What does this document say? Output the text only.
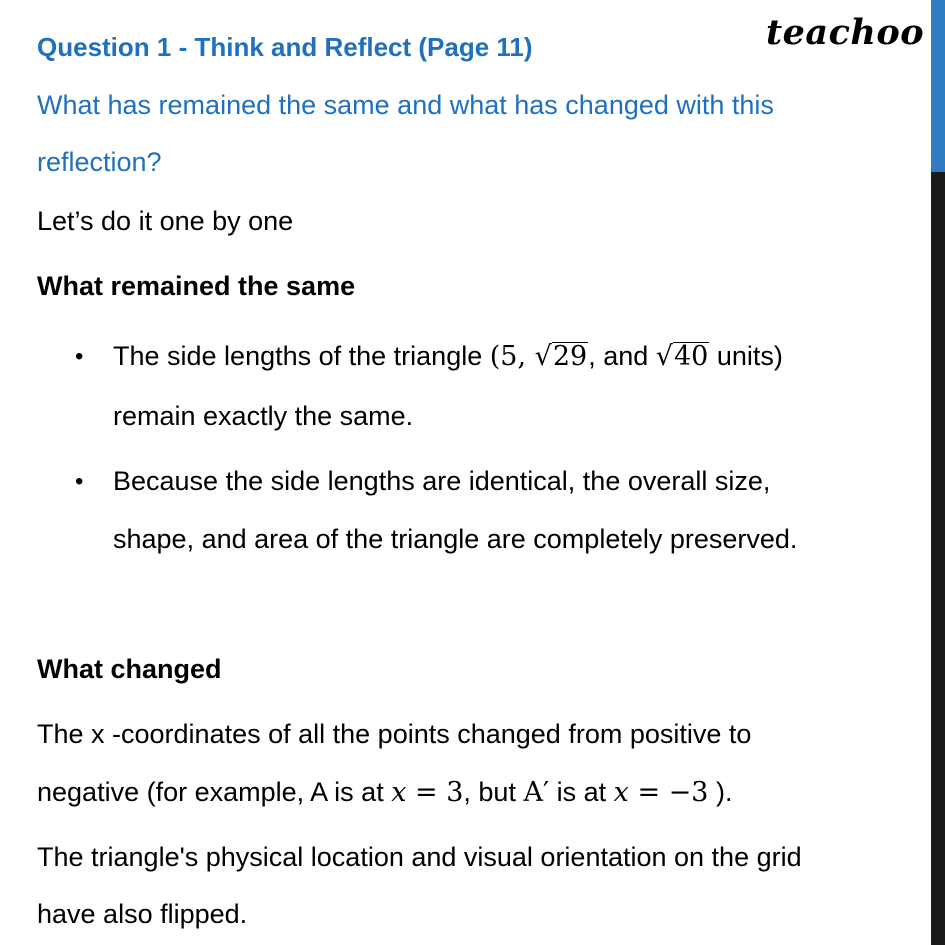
teachoo
Question 1 - Think and Reflect (Page 11)
What has remained the same and what has changed with this
reflection?
Let’s do it one by one
What remained the same
• The side lengths of the triangle (5, √29, and √40 units)
remain exactly the same.
• Because the side lengths are identical, the overall size,
shape, and area of the triangle are completely preserved.
What changed
The x -coordinates of all the points changed from positive to
negative (for example, A is at x = 3, but A′ is at x = −3 ).
The triangle's physical location and visual orientation on the grid
have also flipped.
